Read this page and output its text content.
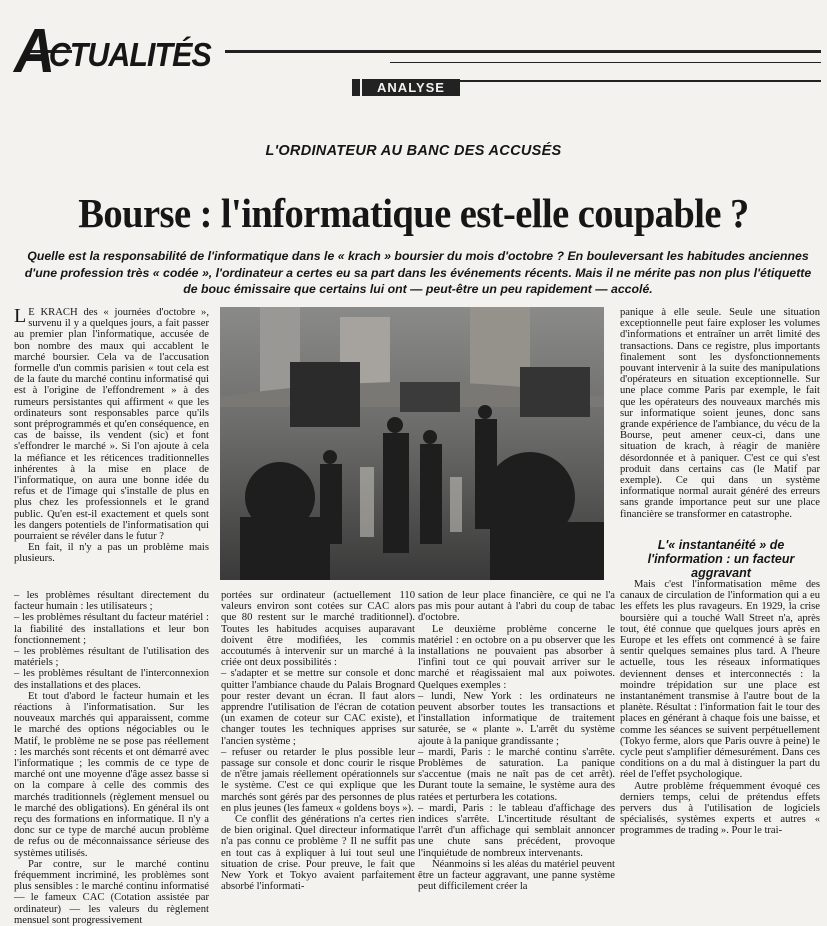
ACTUALITÉS
ANALYSE
L'ORDINATEUR AU BANC DES ACCUSÉS
Bourse : l'informatique est-elle coupable ?
Quelle est la responsabilité de l'informatique dans le « krach » boursier du mois d'octobre ? En bouleversant les habitudes anciennes d'une profession très « codée », l'ordinateur a certes eu sa part dans les événements récents. Mais il ne mérite pas non plus l'étiquette de bouc émissaire que certains lui ont — peut-être un peu rapidement — accolé.

L E KRACH des « journées d'octobre », survenu il y a quelques jours, a fait passer au premier plan l'informatique, accusée de bon nombre des maux qui accablent le marché boursier. Cela va de l'accusation formelle d'un commis parisien « tout cela est de la faute du marché continu informatisé qui est à l'origine de l'effondrement » à des rumeurs persistantes qui affirment « que les ordinateurs sont responsables parce qu'ils sont préprogrammés et qu'en conséquence, en cas de baisse, ils vendent (sic) et font s'effondrer le marché ». Si l'on ajoute à cela la méfiance et les réticences traditionnelles inhérentes à la mise en place de l'informatique, on aura une bonne idée du refus et de l'image qui s'installe de plus en plus chez les professionnels et le grand public. Qu'en est-il exactement et quels sont les dangers potentiels de l'informatisation qui pourraient se révéler dans le futur ?

En fait, il n'y a pas un problème mais plusieurs.

– les problèmes résultant directement du facteur humain : les utilisateurs ;

– les problèmes résultant du facteur matériel : la fiabilité des installations et leur bon fonctionnement ;

– les problèmes résultant de l'utilisation des matériels ;

– les problèmes résultant de l'interconnexion des installations et des places.

Et tout d'abord le facteur humain et les réactions à l'informatisation. Sur les nouveaux marchés qui apparaissent, comme le marché des options négociables ou le Matif, le problème ne se pose pas réellement : les marchés sont récents et ont démarré avec l'informatique ; les commis de ce type de marché ont une moyenne d'âge assez basse si on la compare à celle des commis des marchés traditionnels (règlement mensuel ou le marché des obligations). En général ils ont reçu des formations en informatique. Il n'y a donc sur ce type de marché aucun problème de refus ou de méconnaissance sérieuse des systèmes utilisés.

Par contre, sur le marché continu fréquemment incriminé, les problèmes sont plus sensibles : le marché continu informatisé — le fameux CAC (Cotation assistée par ordinateur) — les valeurs du règlement mensuel sont progressivement

portées sur ordinateur (actuellement 110 valeurs environ sont cotées sur CAC alors que 80 restent sur le marché traditionnel). Toutes les habitudes acquises auparavant doivent être modifiées, les commis accoutumés à intervenir sur un marché à la criée ont deux possibilités :

– s'adapter et se mettre sur console et donc quitter l'ambiance chaude du Palais Brognard pour rester devant un écran. Il faut alors apprendre l'utilisation de l'écran de cotation (un examen de coteur sur CAC existe), et changer toutes les techniques apprises sur l'ancien système ;

– refuser ou retarder le plus possible leur passage sur console et donc courir le risque de n'être jamais réellement opérationnels sur le système. C'est ce qui explique que les marchés sont gérés par des personnes de plus en plus jeunes (les fameux « goldens boys »).

Ce conflit des générations n'a certes rien de bien original. Quel directeur informatique n'a pas connu ce problème ? Il ne suffit pas en tout cas à expliquer à lui tout seul une situation de crise. Pour preuve, le fait que New York et Tokyo avaient parfaitement absorbé l'informati-

sation de leur place financière, ce qui ne l'a pas mis pour autant à l'abri du coup de tabac d'octobre.

Le deuxième problème concerne le matériel : en octobre on a pu observer que les installations ne pouvaient pas absorber à l'infini tout ce qui pouvait arriver sur le marché et réagissaient mal aux poiwotes. Quelques exemples :

– lundi, New York : les ordinateurs ne peuvent absorber toutes les transactions et l'installation informatique de traitement saturée, se « plante ». L'arrêt du système ajoute à la panique grandissante ;

– mardi, Paris : le marché continu s'arrête. Problèmes de saturation. La panique s'accentue (mais ne naît pas de cet arrêt). Durant toute la semaine, le système aura des ratées et perturbera les cotations.

– mardi, Paris : le tableau d'affichage des indices s'arrête. L'incertitude résultant de l'arrêt d'un affichage qui semblait annoncer une chute sans précédent, provoque l'inquiétude de nombreux intervenants.

Néanmoins si les aléas du matériel peuvent être un facteur aggravant, une panne système peut difficilement créer la

panique à elle seule. Seule une situation exceptionnelle peut faire exploser les volumes d'informations et entraîner un arrêt limité des transactions. Dans ce registre, plus importants finalement sont les dysfonctionnements pouvant intervenir à la suite des manipulations d'opérateurs en situation exceptionnelle. Sur une place comme Paris par exemple, le fait que les opérateurs des nouveaux marchés mis sur informatique soient jeunes, donc sans grande expérience de l'ambiance, du vécu de la Bourse, peut amener ceux-ci, dans une situation de krach, à réagir de manière désordonnée et à paniquer. C'est ce qui s'est produit dans certains cas (le Matif par exemple). Ce qui dans un système informatique normal aurait généré des erreurs sans grande importance peut sur une place financière se transformer en catastrophe.

L'« instantanéité » de l'information : un facteur aggravant

Mais c'est l'informatisation même des canaux de circulation de l'information qui a eu les effets les plus ravageurs. En 1929, la crise boursière qui a touché Wall Street n'a, après tout, été connue que quelques jours après en Europe et les effets ont commencé à se faire sentir quelques semaines plus tard. A l'heure actuelle, tous les réseaux informatiques deviennent denses et interconnectés : la moindre trépidation sur une place est instantanément transmise à l'autre bout de la planète. Résultat : l'information fait le tour des places en générant à chaque fois une baisse, et comme les séances se suivent perpétuellement (Tokyo ferme, alors que Paris ouvre à peine) le cycle peut s'amplifier démesurément. Dans ces conditions on a du mal à distinguer la part du réel de l'effet psychologique.

Autre problème fréquemment évoqué ces derniers temps, celui de prétendus effets pervers dus à l'utilisation de logiciels spécialisés, systèmes experts et autres « programmes de trading ». Pour le trai-
